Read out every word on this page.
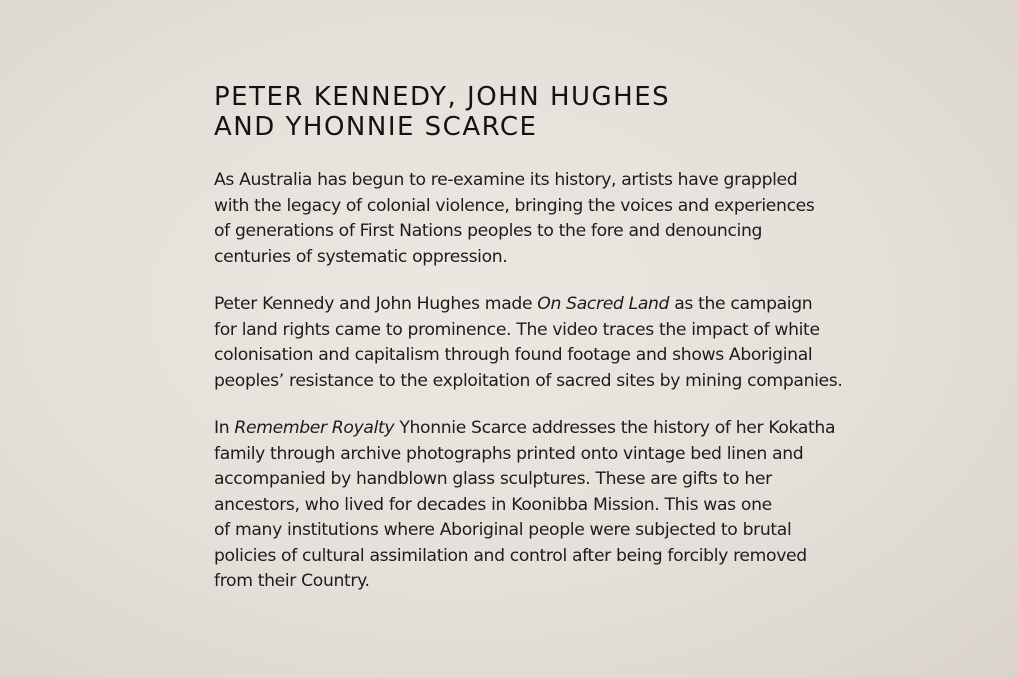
PETER KENNEDY, JOHN HUGHES
AND YHONNIE SCARCE

As Australia has begun to re-examine its history, artists have grappled
with the legacy of colonial violence, bringing the voices and experiences
of generations of First Nations peoples to the fore and denouncing
centuries of systematic oppression.

Peter Kennedy and John Hughes made On Sacred Land as the campaign
for land rights came to prominence. The video traces the impact of white
colonisation and capitalism through found footage and shows Aboriginal
peoples’ resistance to the exploitation of sacred sites by mining companies.

In Remember Royalty Yhonnie Scarce addresses the history of her Kokatha
family through archive photographs printed onto vintage bed linen and
accompanied by handblown glass sculptures. These are gifts to her
ancestors, who lived for decades in Koonibba Mission. This was one
of many institutions where Aboriginal people were subjected to brutal
policies of cultural assimilation and control after being forcibly removed
from their Country.
